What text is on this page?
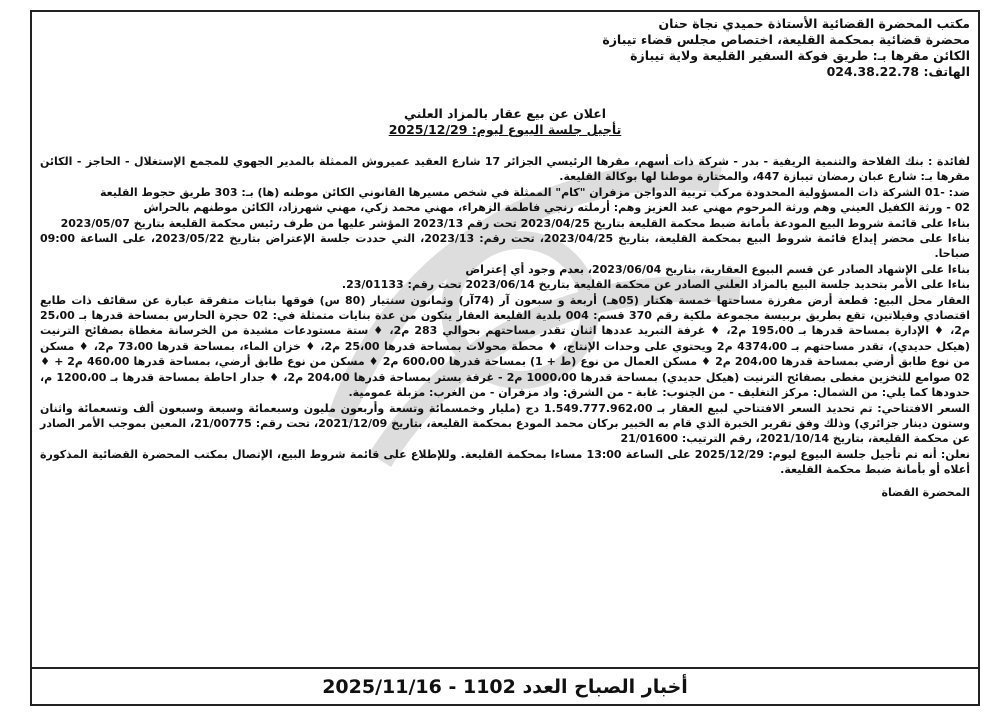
مكتب المحضرة القضائية الأستاذة حميدي نجاة حنان

محضرة قضائية بمحكمة القليعة، اختصاص مجلس قضاء تيبازة

الكائن مقرها بـ: طريق فوكة السفير القليعة ولاية تيبازة

الهاتف: 024.38.22.78

اعلان عن بيع عقار بالمزاد العلني

تأجيل جلسة البيوع ليوم: 2025/12/29

لفائدة : بنك الفلاحة والتنمية الريفية - بدر - شركة ذات أسهم، مقرها الرئيسي الجزائر 17 شارع العقيد عميروش الممثلة بالمدير الجهوي للمجمع الإستغلال - الحاجز - الكائن مقرها بـ: شارع عبان رمضان تيبازة 447، والمختارة موطنا لها بوكالة القليعة.

ضد: -01 الشركة ذات المسؤولية المحدودة مركب تربية الدواجن مزفران "كام" الممثلة في شخص مسيرها القانوني الكائن موطنه (ها) بـ: 303 طريق حجوط القليعة

02 - ورثة الكفيل العيني وهم ورثة المرحوم مهني عبد العزيز وهم: أرملته رنجي فاطمة الزهراء، مهني محمد زكي، مهني شهرزاد، الكائن موطنهم بالحراش

بناءا على قائمة شروط البيع المودعة بأمانة ضبط محكمة القليعة بتاريخ 2023/04/25 تحت رقم 2023/13 المؤشر عليها من طرف رئيس محكمة القليعة بتاريخ 2023/05/07

بناءا على محضر إيداع قائمة شروط البيع بمحكمة القليعة، بتاريخ 2023/04/25، تحت رقم: 2023/13، التي حددت جلسة الإعتراض بتاريخ 2023/05/22، على الساعة 09:00 صباحا.

بناءا على الإشهاد الصادر عن قسم البيوع العقارية، بتاريخ 2023/06/04، بعدم وجود أي إعتراض

بناءا على الأمر بتحديد جلسة البيع بالمزاد العلني الصادر عن محكمة القليعة بتاريخ 2023/06/14 تحت رقم: 23/01133.

العقار محل البيع: قطعة أرض مفرزة مساحتها خمسة هكتار (05هـ) أربعة و سبعون آر (74آر) وثمانون سنتيار (80 س) فوقها بنايات متفرقة عبارة عن سقائف ذات طابع اقتصادي وفيلاتين، تقع بطريق بربيسة مجموعة ملكية رقم 370 قسم: 004 بلدية القليعة العقار يتكون من عدة بنايات متمثلة في: 02 حجرة الحارس بمساحة قدرها بـ 25،00 م2، ♦ الإدارة بمساحة قدرها بـ 195،00 م2، ♦ غرفة التبريد عددها اثنان تقدر مساحتهم بحوالي 283 م2، ♦ ستة مستودعات مشيدة من الخرسانة مغطاة بصفائح الترنيت (هيكل حديدي)، تقدر مساحتهم بـ 4374،00 م2 ويحتوي على وحدات الإنتاج، ♦ محطة محولات بمساحة قدرها 25،00 م2، ♦ خزان الماء، بمساحة قدرها 73،00 م2، ♦ مسكن من نوع طابق أرضي بمساحة قدرها 204،00 م2 ♦ مسكن العمال من نوع (ط + 1) بمساحة قدرها 600،00 م2 ♦ مسكن من نوع طابق أرضي، بمساحة قدرها 460،00 م2 + ♦ 02 صوامع للتخزين مغطى بصفائح الترنيت (هيكل حديدي) بمساحة قدرها 1000،00 م2 - غرفة بستر بمساحة قدرها 204،00 م2، ♦ جدار احاطة بمساحة قدرها بـ 1200،00 م، حدودها كما يلي: من الشمال: مركز التغليف - من الجنوب: غابة - من الشرق: واد مزفران - من الغرب: مزبلة عمومية.

السعر الافتتاحي: تم تحديد السعر الافتتاحي لبيع العقار بـ 1.549.777.962،00 دج (مليار وخمسمائة وتسعة وأربعون مليون وسبعمائة وسبعة وسبعون ألف وتسعمائة واثنان وستون دينار جزائري) وذلك وفق تقرير الخبرة الذي قام به الخبير بركان محمد المودع بمحكمة القليعة، بتاريخ 2021/12/09، تحت رقم: 21/00775، المعين بموجب الأمر الصادر عن محكمة القليعة، بتاريخ 2021/10/14، رقم الترتيب: 21/01600

نعلن: أنه تم تأجيل جلسة البيوع ليوم: 2025/12/29 على الساعة 13:00 مساءا بمحكمة القليعة. وللإطلاع على قائمة شروط البيع، الإتصال بمكتب المحضرة القضائية المذكورة أعلاه أو بأمانة ضبط محكمة القليعة.

المحضرة القضاة
أخبار الصباح العدد 1102 - 2025/11/16
